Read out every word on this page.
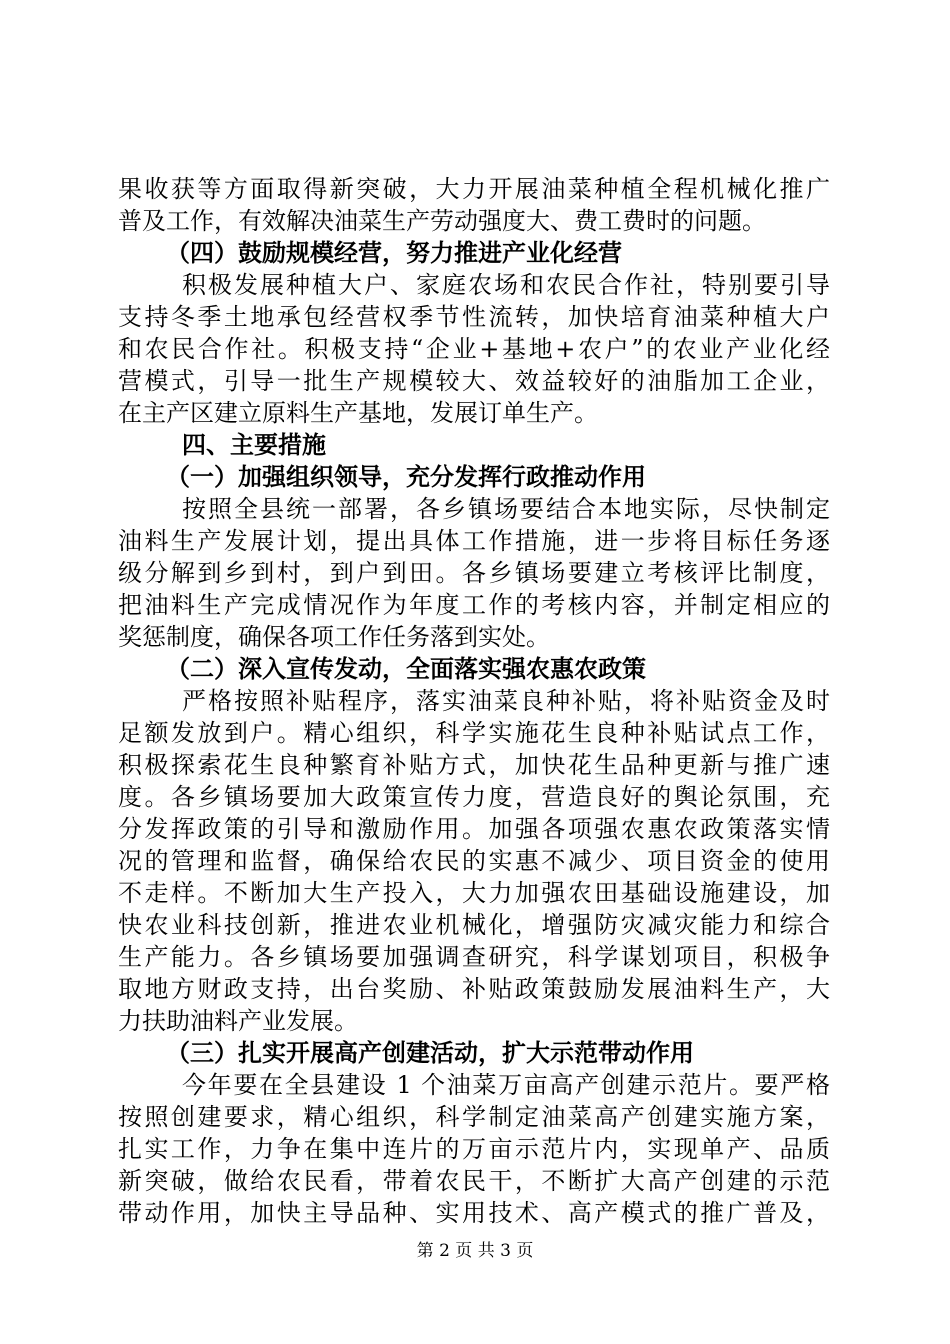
果收获等方面取得新突破，大力开展油菜种植全程机械化推广
普及工作，有效解决油菜生产劳动强度大、费工费时的问题。
（四）鼓励规模经营，努力推进产业化经营
积极发展种植大户、家庭农场和农民合作社，特别要引导
支持冬季土地承包经营权季节性流转，加快培育油菜种植大户
和农民合作社。积极支持“企业+基地+农户”的农业产业化经
营模式，引导一批生产规模较大、效益较好的油脂加工企业，
在主产区建立原料生产基地，发展订单生产。
四、主要措施
（一）加强组织领导，充分发挥行政推动作用
按照全县统一部署，各乡镇场要结合本地实际，尽快制定
油料生产发展计划，提出具体工作措施，进一步将目标任务逐
级分解到乡到村，到户到田。各乡镇场要建立考核评比制度，
把油料生产完成情况作为年度工作的考核内容，并制定相应的
奖惩制度，确保各项工作任务落到实处。
（二）深入宣传发动，全面落实强农惠农政策
严格按照补贴程序，落实油菜良种补贴，将补贴资金及时
足额发放到户。精心组织，科学实施花生良种补贴试点工作，
积极探索花生良种繁育补贴方式，加快花生品种更新与推广速
度。各乡镇场要加大政策宣传力度，营造良好的舆论氛围，充
分发挥政策的引导和激励作用。加强各项强农惠农政策落实情
况的管理和监督，确保给农民的实惠不减少、项目资金的使用
不走样。不断加大生产投入，大力加强农田基础设施建设，加
快农业科技创新，推进农业机械化，增强防灾减灾能力和综合
生产能力。各乡镇场要加强调查研究，科学谋划项目，积极争
取地方财政支持，出台奖励、补贴政策鼓励发展油料生产，大
力扶助油料产业发展。
（三）扎实开展高产创建活动，扩大示范带动作用
今年要在全县建设 1 个油菜万亩高产创建示范片。要严格
按照创建要求，精心组织，科学制定油菜高产创建实施方案，
扎实工作，力争在集中连片的万亩示范片内，实现单产、品质
新突破，做给农民看，带着农民干，不断扩大高产创建的示范
带动作用，加快主导品种、实用技术、高产模式的推广普及，
第 2 页 共 3 页
